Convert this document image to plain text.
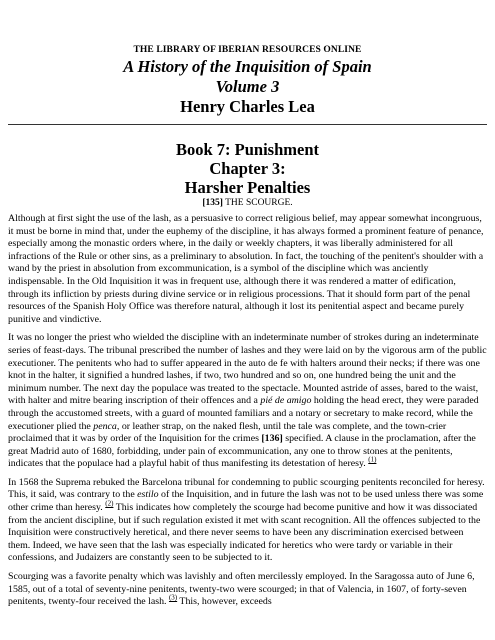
THE LIBRARY OF IBERIAN RESOURCES ONLINE
A History of the Inquisition of Spain
Volume 3
Henry Charles Lea
Book 7: Punishment
Chapter 3:
Harsher Penalties
[135] THE SCOURGE.

Although at first sight the use of the lash, as a persuasive to correct religious belief, may appear somewhat incongruous, it must be borne in mind that, under the euphemy of the discipline, it has always formed a prominent feature of penance, especially among the monastic orders where, in the daily or weekly chapters, it was liberally administered for all infractions of the Rule or other sins, as a preliminary to absolution. In fact, the touching of the penitent's shoulder with a wand by the priest in absolution from excommunication, is a symbol of the discipline which was anciently indispensable. In the Old Inquisition it was in frequent use, although there it was rendered a matter of edification, through its infliction by priests during divine service or in religious processions. That it should form part of the penal resources of the Spanish Holy Office was therefore natural, although it lost its penitential aspect and became purely punitive and vindictive.

It was no longer the priest who wielded the discipline with an indeterminate number of strokes during an indeterminate series of feast-days. The tribunal prescribed the number of lashes and they were laid on by the vigorous arm of the public executioner. The penitents who had to suffer appeared in the auto de fe with halters around their necks; if there was one knot in the halter, it signified a hundred lashes, if two, two hundred and so on, one hundred being the unit and the minimum number. The next day the populace was treated to the spectacle. Mounted astride of asses, bared to the waist, with halter and mitre bearing inscription of their offences and a pié de amigo holding the head erect, they were paraded through the accustomed streets, with a guard of mounted familiars and a notary or secretary to make record, while the executioner plied the penca, or leather strap, on the naked flesh, until the tale was complete, and the town-crier proclaimed that it was by order of the Inquisition for the crimes [136] specified. A clause in the proclamation, after the great Madrid auto of 1680, forbidding, under pain of excommunication, any one to throw stones at the penitents, indicates that the populace had a playful habit of thus manifesting its detestation of heresy. $^{(1)}$

In 1568 the Suprema rebuked the Barcelona tribunal for condemning to public scourging penitents reconciled for heresy. This, it said, was contrary to the estilo of the Inquisition, and in future the lash was not to be used unless there was some other crime than heresy. $^{(2)}$ This indicates how completely the scourge had become punitive and how it was dissociated from the ancient discipline, but if such regulation existed it met with scant recognition. All the offences subjected to the Inquisition were constructively heretical, and there never seems to have been any discrimination exercised between them. Indeed, we have seen that the lash was especially indicated for heretics who were tardy or variable in their confessions, and Judaizers are constantly seen to be subjected to it.

Scourging was a favorite penalty which was lavishly and often mercilessly employed. In the Saragossa auto of June 6, 1585, out of a total of seventy-nine penitents, twenty-two were scourged; in that of Valencia, in 1607, of forty-seven penitents, twenty-four received the lash. $^{(3)}$ This, however, exceeds
